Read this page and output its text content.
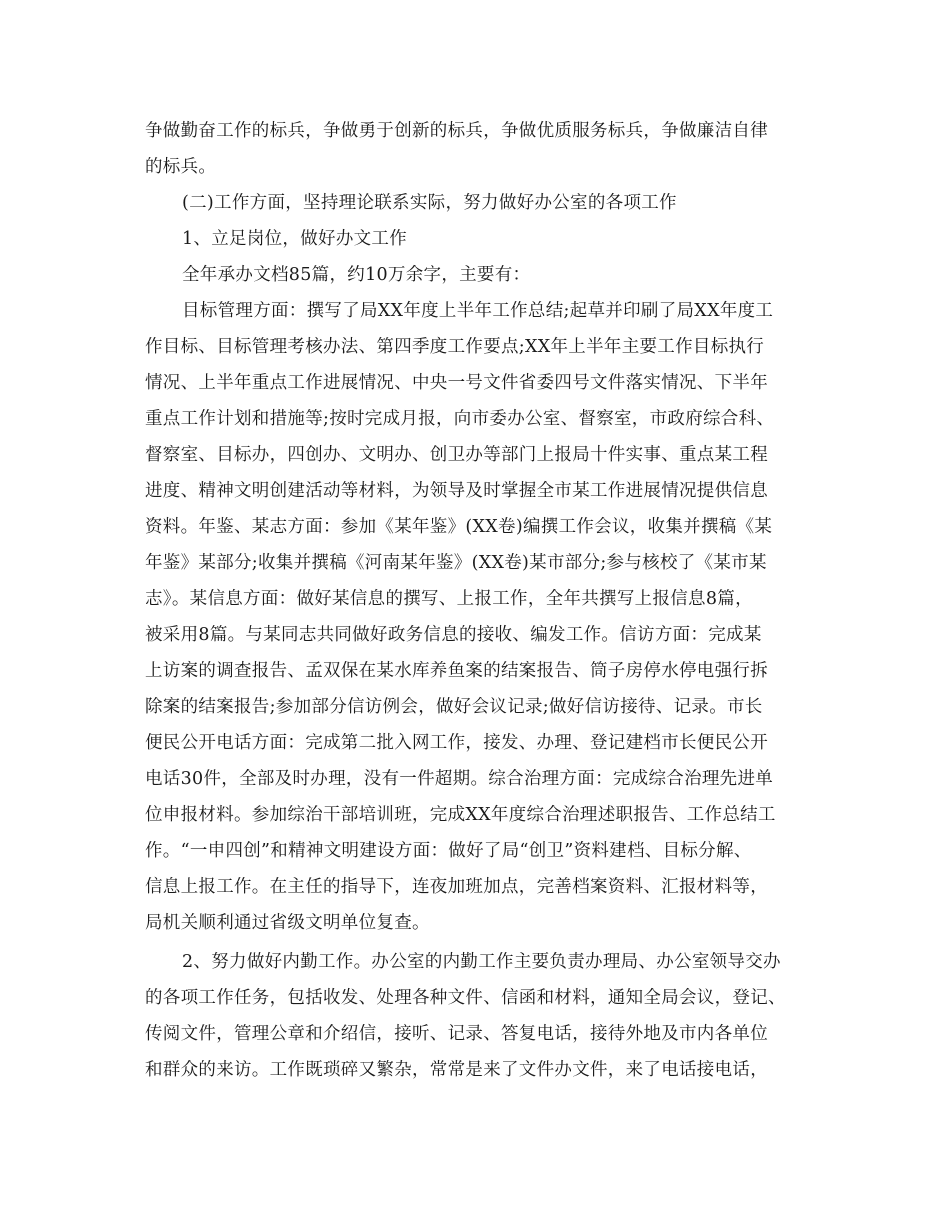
争做勤奋工作的标兵，争做勇于创新的标兵，争做优质服务标兵，争做廉洁自律
的标兵。
(二)工作方面，坚持理论联系实际，努力做好办公室的各项工作
1、立足岗位，做好办文工作
全年承办文档85篇，约10万余字，主要有：
目标管理方面：撰写了局XX年度上半年工作总结;起草并印刷了局XX年度工
作目标、目标管理考核办法、第四季度工作要点;XX年上半年主要工作目标执行
情况、上半年重点工作进展情况、中央一号文件省委四号文件落实情况、下半年
重点工作计划和措施等;按时完成月报，向市委办公室、督察室，市政府综合科、
督察室、目标办，四创办、文明办、创卫办等部门上报局十件实事、重点某工程
进度、精神文明创建活动等材料，为领导及时掌握全市某工作进展情况提供信息
资料。年鉴、某志方面：参加《某年鉴》(XX卷)编撰工作会议，收集并撰稿《某
年鉴》某部分;收集并撰稿《河南某年鉴》(XX卷)某市部分;参与核校了《某市某
志》。某信息方面：做好某信息的撰写、上报工作，全年共撰写上报信息8篇，
被采用8篇。与某同志共同做好政务信息的接收、编发工作。信访方面：完成某
上访案的调查报告、孟双保在某水库养鱼案的结案报告、筒子房停水停电强行拆
除案的结案报告;参加部分信访例会，做好会议记录;做好信访接待、记录。市长
便民公开电话方面：完成第二批入网工作，接发、办理、登记建档市长便民公开
电话30件，全部及时办理，没有一件超期。综合治理方面：完成综合治理先进单
位申报材料。参加综治干部培训班，完成XX年度综合治理述职报告、工作总结工
作。“一申四创”和精神文明建设方面：做好了局“创卫”资料建档、目标分解、
信息上报工作。在主任的指导下，连夜加班加点，完善档案资料、汇报材料等，
局机关顺利通过省级文明单位复查。
2、努力做好内勤工作。办公室的内勤工作主要负责办理局、办公室领导交办
的各项工作任务，包括收发、处理各种文件、信函和材料，通知全局会议，登记、
传阅文件，管理公章和介绍信，接听、记录、答复电话，接待外地及市内各单位
和群众的来访。工作既琐碎又繁杂，常常是来了文件办文件，来了电话接电话，
